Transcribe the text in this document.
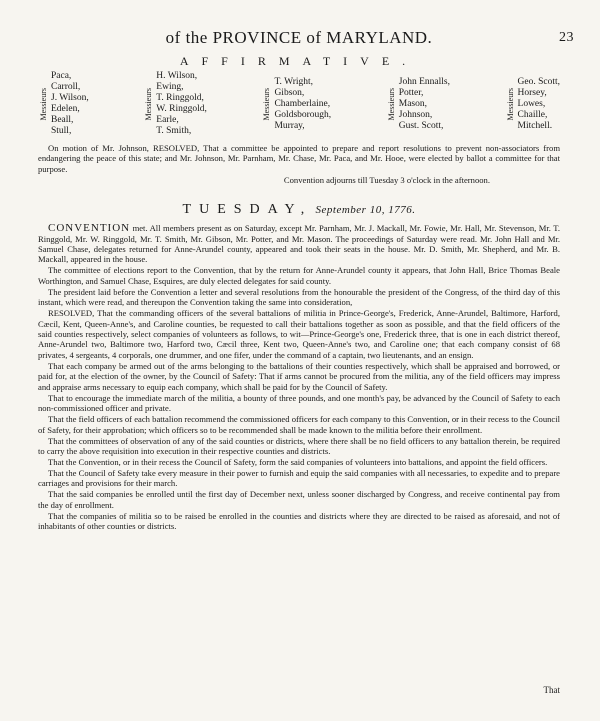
of the PROVINCE of MARYLAND.	23
AFFIRMATIVE.
Messieurs
Paca,
Carroll,
J. Wilson,
Edelen,
Beall,
Stull,
Messieurs
H. Wilson,
Ewing,
T. Ringgold,
W. Ringgold,
Earle,
T. Smith,
Messieurs
T. Wright,
Gibson,
Chamberlaine,
Goldsborough,
Murray,
Messieurs
John Ennalls,
Potter,
Mason,
Johnson,
Gust. Scott,
Messieurs
Geo. Scott,
Horsey,
Lowes,
Chaille,
Mitchell.

On motion of Mr. Johnson, RESOLVED, That a committee be appointed to prepare and report resolutions to prevent non-associators from endangering the peace of this state; and Mr. Johnson, Mr. Parnham, Mr. Chase, Mr. Paca, and Mr. Hooe, were elected by ballot a committee for that purpose.

Convention adjourns till Tuesday 3 o'clock in the afternoon.
TUESDAY, September 10, 1776.

CONVENTION met. All members present as on Saturday, except Mr. Parnham, Mr. J. Mackall, Mr. Fowie, Mr. Hall, Mr. Stevenson, Mr. T. Ringgold, Mr. W. Ringgold, Mr. T. Smith, Mr. Gibson, Mr. Potter, and Mr. Mason. The proceedings of Saturday were read. Mr. John Hall and Mr. Samuel Chase, delegates returned for Anne-Arundel county, appeared and took their seats in the house. Mr. D. Smith, Mr. Shepherd, and Mr. B. Mackall, appeared in the house.

The committee of elections report to the Convention, that by the return for Anne-Arundel county it appears, that John Hall, Brice Thomas Beale Worthington, and Samuel Chase, Esquires, are duly elected delegates for said county.

The president laid before the Convention a letter and several resolutions from the honourable the president of the Congress, of the third day of this instant, which were read, and thereupon the Convention taking the same into consideration,

RESOLVED, That the commanding officers of the several battalions of militia in Prince-George's, Frederick, Anne-Arundel, Baltimore, Harford, Cæcil, Kent, Queen-Anne's, and Caroline counties, be requested to call their battalions together as soon as possible, and that the field officers of the said counties respectively, select companies of volunteers as follows, to wit—Prince-George's one, Frederick three, that is one in each district thereof, Anne-Arundel two, Baltimore two, Harford two, Cæcil three, Kent two, Queen-Anne's two, and Caroline one; that each company consist of 68 privates, 4 sergeants, 4 corporals, one drummer, and one fifer, under the command of a captain, two lieutenants, and an ensign.

That each company be armed out of the arms belonging to the battalions of their counties respectively, which shall be appraised and borrowed, or paid for, at the election of the owner, by the Council of Safety: That if arms cannot be procured from the militia, any of the field officers may impress and appraise arms necessary to equip each company, which shall be paid for by the Council of Safety.

That to encourage the immediate march of the militia, a bounty of three pounds, and one month's pay, be advanced by the Council of Safety to each non-commissioned officer and private.

That the field officers of each battalion recommend the commissioned officers for each company to this Convention, or in their recess to the Council of Safety, for their approbation; which officers so to be recommended shall be made known to the militia before their enrollment.

That the committees of observation of any of the said counties or districts, where there shall be no field officers to any battalion therein, be required to carry the above requisition into execution in their respective counties and districts.

That the Convention, or in their recess the Council of Safety, form the said companies of volunteers into battalions, and appoint the field officers.

That the Council of Safety take every measure in their power to furnish and equip the said companies with all necessaries, to expedite and to prepare carriages and provisions for their march.

That the said companies be enrolled until the first day of December next, unless sooner discharged by Congress, and receive continental pay from the day of enrollment.

That the companies of militia so to be raised be enrolled in the counties and districts where they are directed to be raised as aforesaid, and not of inhabitants of other counties or districts.

That
